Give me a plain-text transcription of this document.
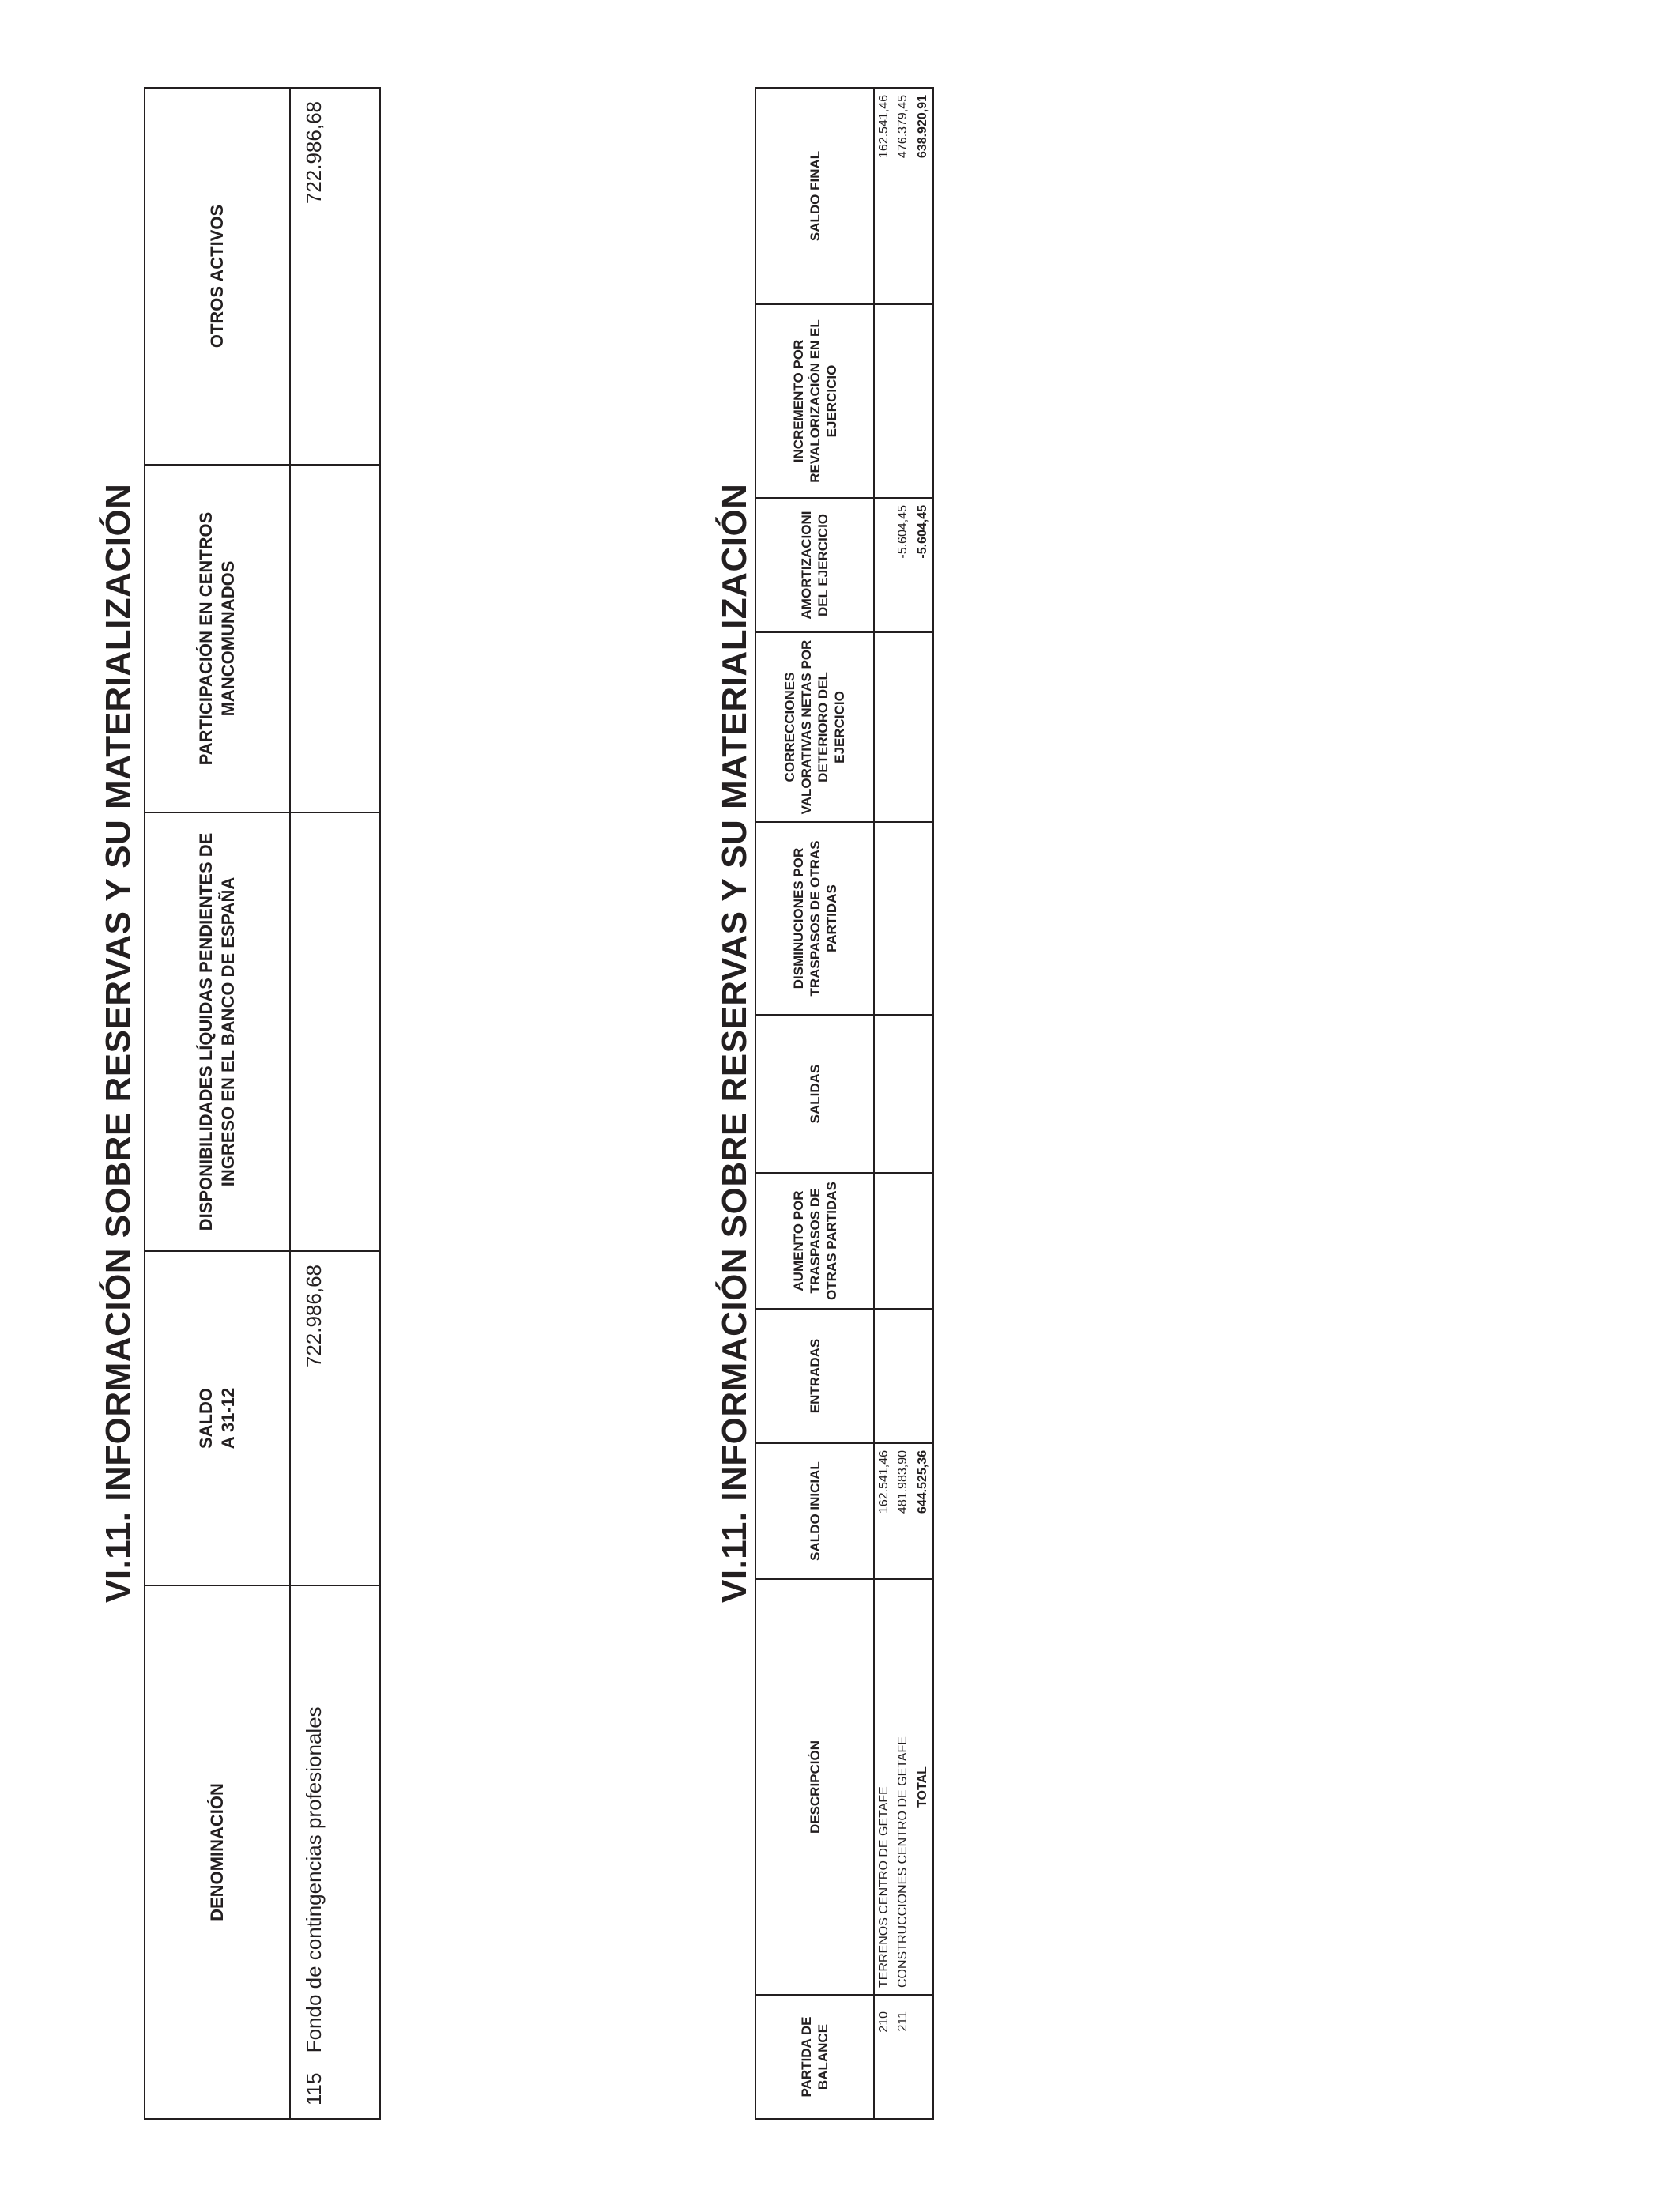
VI.11. INFORMACIÓN SOBRE RESERVAS Y SU MATERIALIZACIÓN
DENOMINACIÓN	SALDO A 31-12	DISPONIBILIDADES LÍQUIDAS PENDIENTES DE INGRESO EN EL BANCO DE ESPAÑA	PARTICIPACIÓN EN CENTROS MANCOMUNADOS	OTROS ACTIVOS
115 Fondo de contingencias profesionales	722.986,68			722.986,68
VI.11. INFORMACIÓN SOBRE RESERVAS Y SU MATERIALIZACIÓN
PARTIDA DE BALANCE	DESCRIPCIÓN	SALDO INICIAL	ENTRADAS	AUMENTO POR TRASPASOS DE OTRAS PARTIDAS	SALIDAS	DISMINUCIONES POR TRASPASOS DE OTRAS PARTIDAS	CORRECCIONES VALORATIVAS NETAS POR DETERIORO DEL EJERCICIO	AMORTIZACIONI DEL EJERCICIO	INCREMENTO POR REVALORIZACIÓN EN EL EJERCICIO	SALDO FINAL
210	TERRENOS CENTRO DE GETAFE	162.541,46								162.541,46
211	CONSTRUCCIONES CENTRO DE GETAFE	481.983,90						-5.604,45		476.379,45
	TOTAL	644.525,36						-5.604,45		638.920,91
